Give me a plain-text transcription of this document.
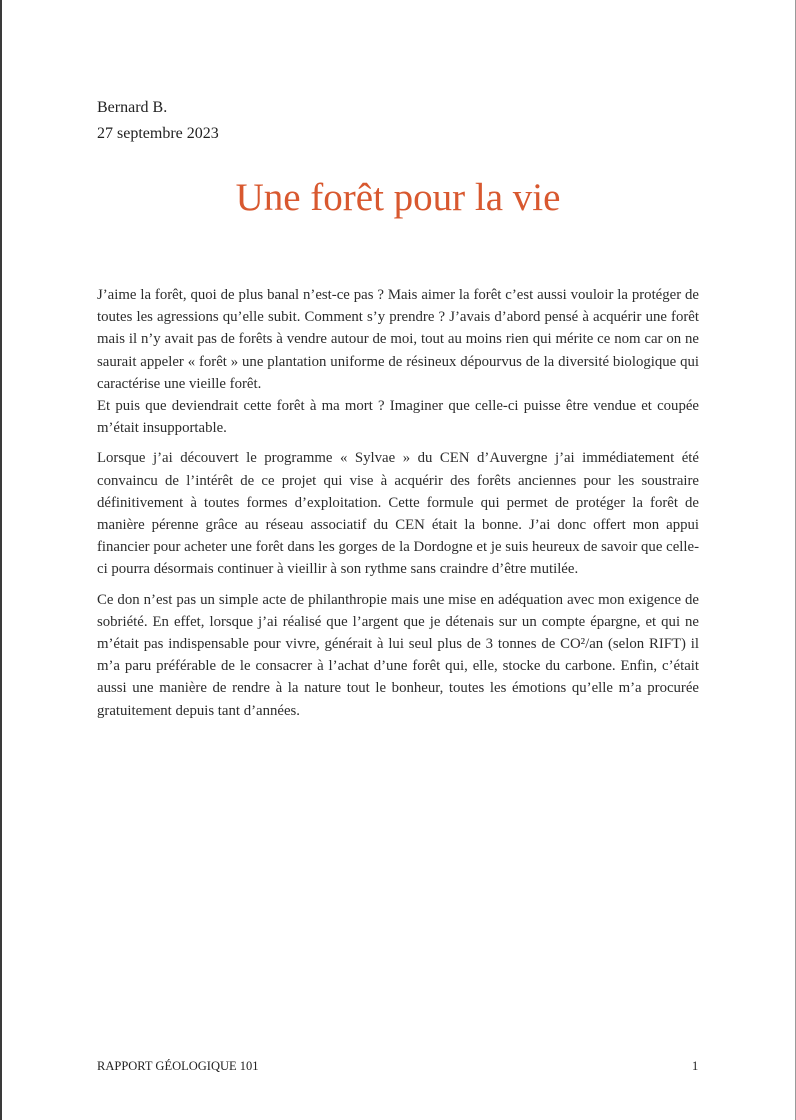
Bernard B.
27 septembre 2023
Une forêt pour la vie

J’aime la forêt, quoi de plus banal n’est-ce pas ? Mais aimer la forêt c’est aussi vouloir la protéger de toutes les agressions qu’elle subit. Comment s’y prendre ? J’avais d’abord pensé à acquérir une forêt mais il n’y avait pas de forêts à vendre autour de moi, tout au moins rien qui mérite ce nom car on ne saurait appeler « forêt » une plantation uniforme de résineux dépourvus de la diversité biologique qui caractérise une vieille forêt.

Et puis que deviendrait cette forêt à ma mort ? Imaginer que celle-ci puisse être vendue et coupée m’était insupportable.

Lorsque j’ai découvert le programme « Sylvae » du CEN d’Auvergne j’ai immédiatement été convaincu de l’intérêt de ce projet qui vise à acquérir des forêts anciennes pour les soustraire définitivement à toutes formes d’exploitation. Cette formule qui permet de protéger la forêt de manière pérenne grâce au réseau associatif du CEN était la bonne. J’ai donc offert mon appui financier pour acheter une forêt dans les gorges de la Dordogne et je suis heureux de savoir que celle-ci pourra désormais continuer à vieillir à son rythme sans craindre d’être mutilée.

Ce don n’est pas un simple acte de philanthropie mais une mise en adéquation avec mon exigence de sobriété. En effet, lorsque j’ai réalisé que l’argent que je détenais sur un compte épargne, et qui ne m’était pas indispensable pour vivre, générait à lui seul plus de 3 tonnes de CO²/an (selon RIFT) il m’a paru préférable de le consacrer à l’achat d’une forêt qui, elle, stocke du carbone. Enfin, c’était aussi une manière de rendre à la nature tout le bonheur, toutes les émotions qu’elle m’a procurée gratuitement depuis tant d’années.

RAPPORT GÉOLOGIQUE 101	1
